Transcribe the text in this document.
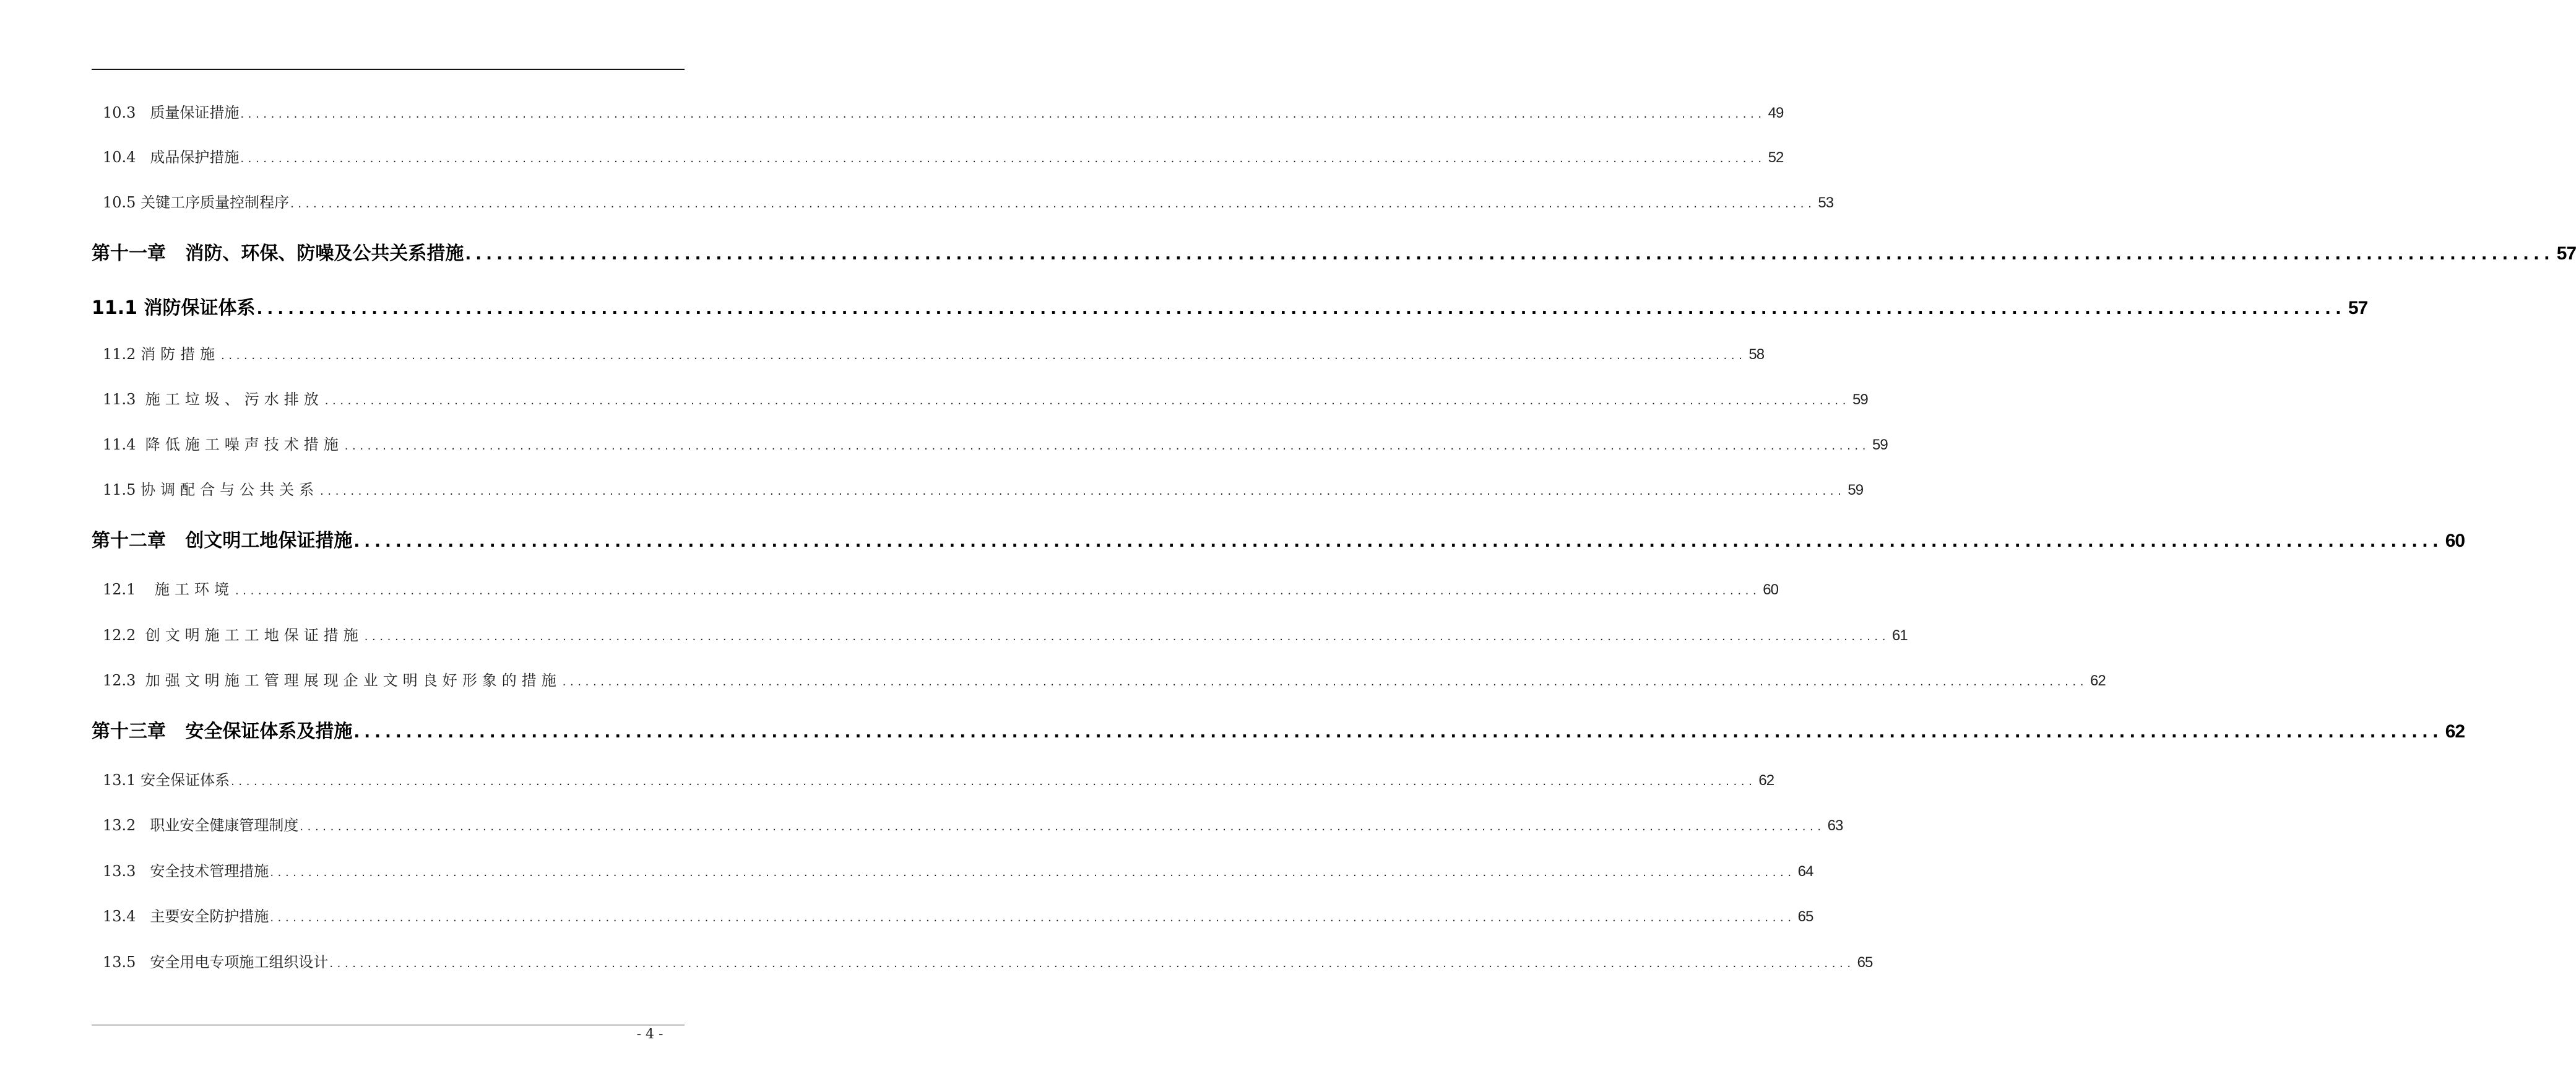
10.3
质量保证措施 ........................................................................................................................................................................................................ 49
10.4
成品保护措施 ........................................................................................................................................................................................................ 52
10.5
关键工序质量控制程序 ........................................................................................................................................................................................................ 53
第十一章
消防、环保、防噪及公共关系措施 ........................................................................................................................................................................................................ 57
11.1
消防保证体系 ........................................................................................................................................................................................................ 57
11.2
消防措施 ........................................................................................................................................................................................................ 58
11.3
施工垃圾、污水排放 ........................................................................................................................................................................................................ 59
11.4
降低施工噪声技术措施 ........................................................................................................................................................................................................ 59
11.5
协调配合与公共关系 ........................................................................................................................................................................................................ 59
第十二章
创文明工地保证措施 ........................................................................................................................................................................................................ 60
12.1
施工环境 ........................................................................................................................................................................................................ 60
12.2
创文明施工工地保证措施 ........................................................................................................................................................................................................ 61
12.3
加强文明施工管理展现企业文明良好形象的措施 ........................................................................................................................................................................................................ 62
第十三章
安全保证体系及措施 ........................................................................................................................................................................................................ 62
13.1
安全保证体系 ........................................................................................................................................................................................................ 62
13.2
职业安全健康管理制度 ........................................................................................................................................................................................................ 63
13.3
安全技术管理措施 ........................................................................................................................................................................................................ 64
13.4
主要安全防护措施 ........................................................................................................................................................................................................ 65
13.5
安全用电专项施工组织设计 ........................................................................................................................................................................................................ 65
- 4 -
